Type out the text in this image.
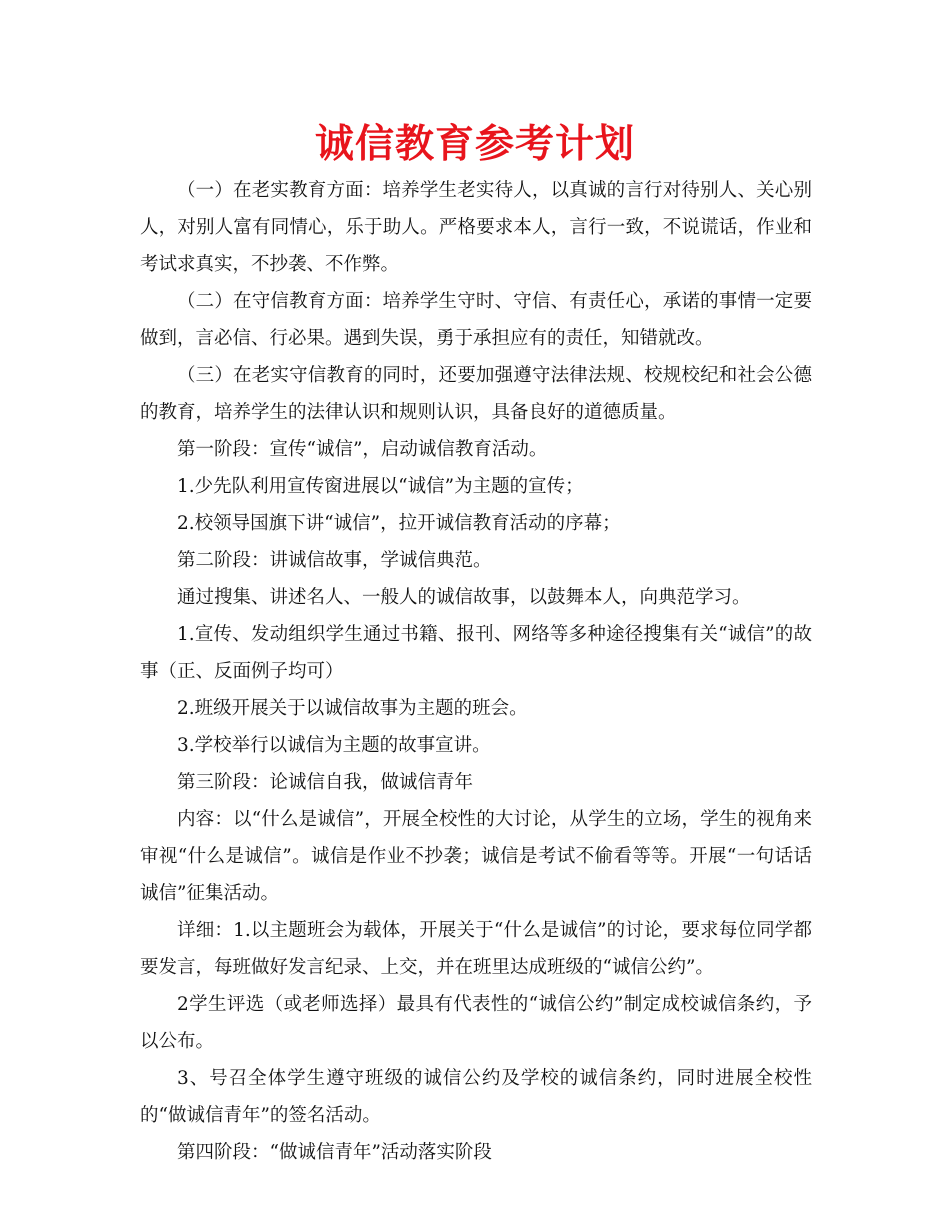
诚信教育参考计划

（一）在老实教育方面：培养学生老实待人，以真诚的言行对待别人、关心别人，对别人富有同情心，乐于助人。严格要求本人，言行一致，不说谎话，作业和考试求真实，不抄袭、不作弊。

（二）在守信教育方面：培养学生守时、守信、有责任心，承诺的事情一定要做到，言必信、行必果。遇到失误，勇于承担应有的责任，知错就改。

（三）在老实守信教育的同时，还要加强遵守法律法规、校规校纪和社会公德的教育，培养学生的法律认识和规则认识，具备良好的道德质量。

第一阶段：宣传“诚信”，启动诚信教育活动。

1.少先队利用宣传窗进展以“诚信”为主题的宣传；

2.校领导国旗下讲“诚信”，拉开诚信教育活动的序幕；

第二阶段：讲诚信故事，学诚信典范。

通过搜集、讲述名人、一般人的诚信故事，以鼓舞本人，向典范学习。

1.宣传、发动组织学生通过书籍、报刊、网络等多种途径搜集有关“诚信”的故事（正、反面例子均可）

2.班级开展关于以诚信故事为主题的班会。

3.学校举行以诚信为主题的故事宣讲。

第三阶段：论诚信自我，做诚信青年

内容：以“什么是诚信”，开展全校性的大讨论，从学生的立场，学生的视角来审视“什么是诚信”。诚信是作业不抄袭；诚信是考试不偷看等等。开展“一句话话诚信”征集活动。

详细：1.以主题班会为载体，开展关于“什么是诚信”的讨论，要求每位同学都要发言，每班做好发言纪录、上交，并在班里达成班级的“诚信公约”。

2学生评选（或老师选择）最具有代表性的“诚信公约”制定成校诚信条约，予以公布。

3、号召全体学生遵守班级的诚信公约及学校的诚信条约，同时进展全校性的“做诚信青年”的签名活动。

第四阶段：“做诚信青年”活动落实阶段
